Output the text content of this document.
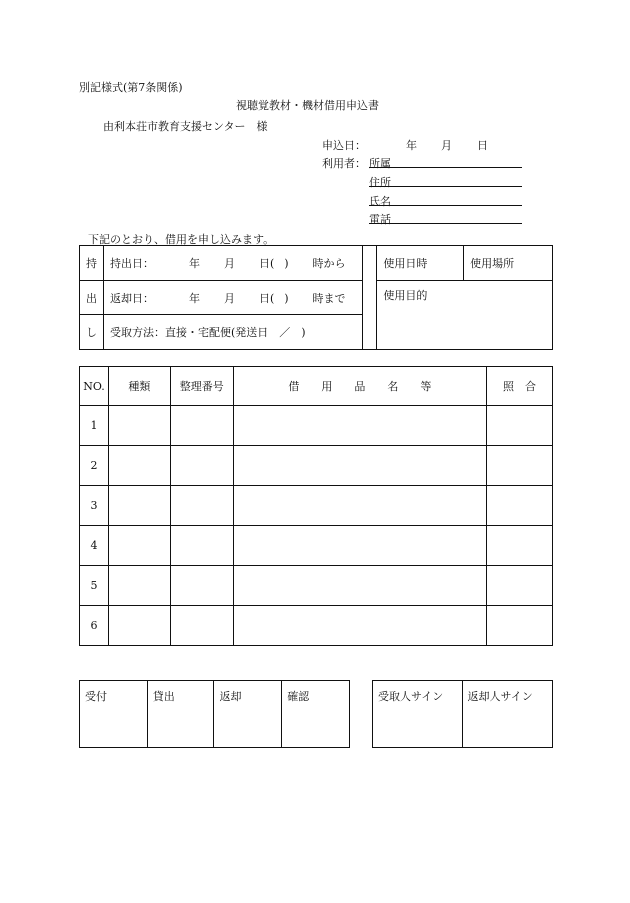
別記様式(第7条関係)
視聴覚教材・機材借用申込書
由利本荘市教育支援センター　様
申込日：	年 月 日
利用者： 所属
住所
氏名
電話
下記のとおり、借用を申し込みます。
持	持出日： 年 月 日( ) 時から		使用日時	使用場所
出	返却日： 年 月 日( ) 時まで		使用目的	
し	受取方法：直接・宅配便(発送日　／　)			
NO.	種類	整理番号	借　　用　　品　　名　　等	照　合
1				
2				
3				
4				
5				
6				
受付	貸出	返却	確認	受取人サイン	返却人サイン
